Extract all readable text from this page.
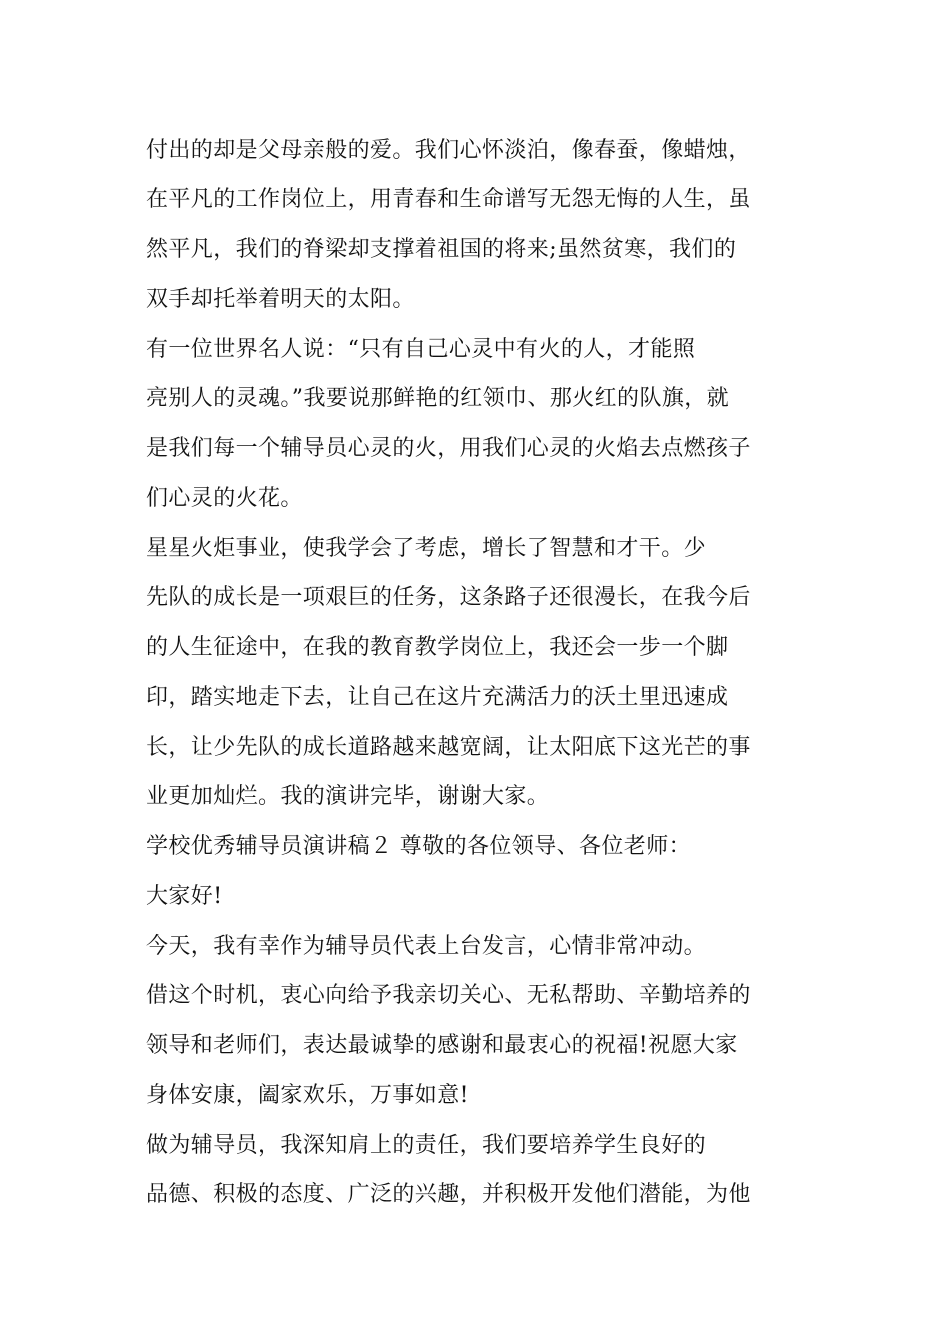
付出的却是父母亲般的爱。我们心怀淡泊，像春蚕，像蜡烛，
在平凡的工作岗位上，用青春和生命谱写无怨无悔的人生，虽
然平凡，我们的脊梁却支撑着祖国的将来;虽然贫寒，我们的
双手却托举着明天的太阳。
有一位世界名人说：“只有自己心灵中有火的人，才能照
亮别人的灵魂。”我要说那鲜艳的红领巾、那火红的队旗，就
是我们每一个辅导员心灵的火，用我们心灵的火焰去点燃孩子
们心灵的火花。
星星火炬事业，使我学会了考虑，增长了智慧和才干。少
先队的成长是一项艰巨的任务，这条路子还很漫长，在我今后
的人生征途中，在我的教育教学岗位上，我还会一步一个脚
印，踏实地走下去，让自己在这片充满活力的沃土里迅速成
长，让少先队的成长道路越来越宽阔，让太阳底下这光芒的事
业更加灿烂。我的演讲完毕，谢谢大家。
学校优秀辅导员演讲稿２ 尊敬的各位领导、各位老师：
大家好!
今天，我有幸作为辅导员代表上台发言，心情非常冲动。
借这个时机，衷心向给予我亲切关心、无私帮助、辛勤培养的
领导和老师们，表达最诚挚的感谢和最衷心的祝福!祝愿大家
身体安康，阖家欢乐，万事如意!
做为辅导员，我深知肩上的责任，我们要培养学生良好的
品德、积极的态度、广泛的兴趣，并积极开发他们潜能，为他
